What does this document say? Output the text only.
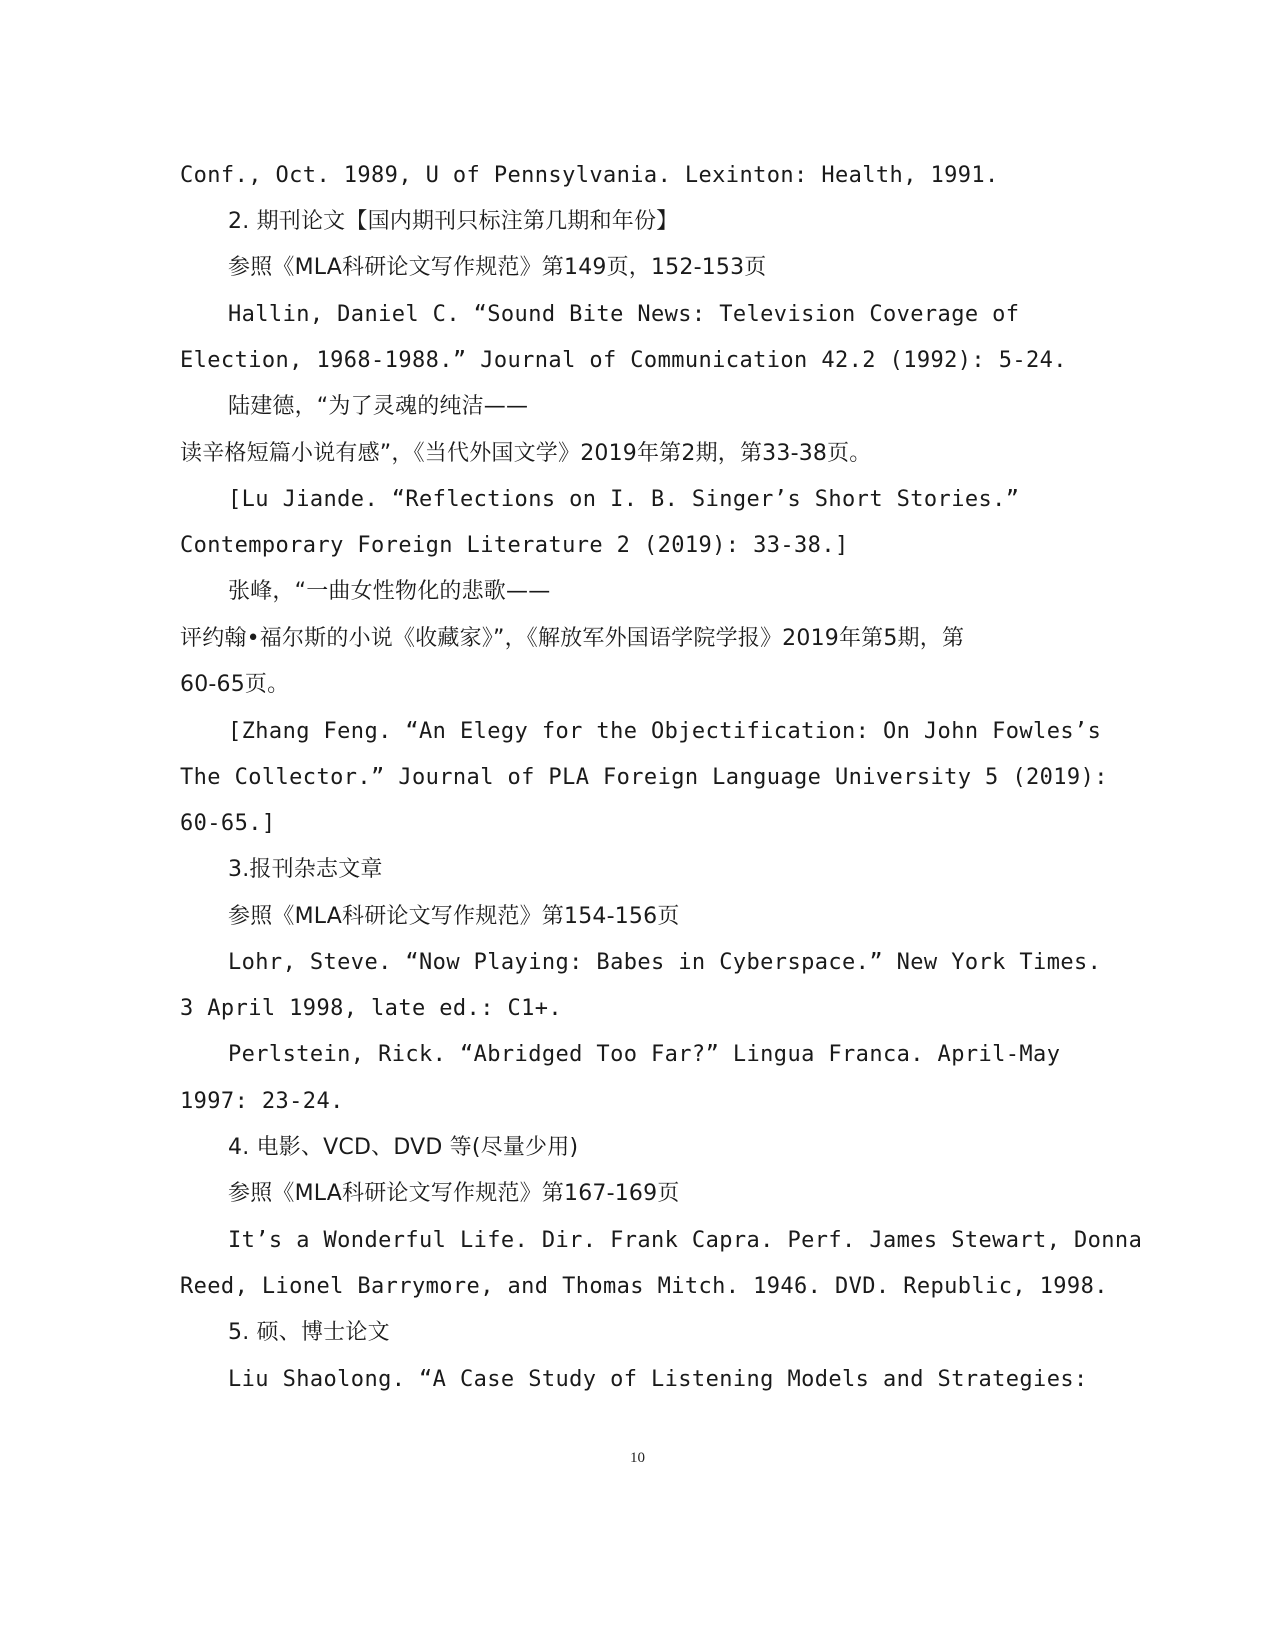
Conf., Oct. 1989, U of Pennsylvania. Lexinton: Health, 1991.
2. 期刊论文【国内期刊只标注第几期和年份】
参照《MLA科研论文写作规范》第149页，152-153页
Hallin, Daniel C. “Sound Bite News: Television Coverage of
Election, 1968-1988.” Journal of Communication 42.2 (1992): 5-24.
陆建德，“为了灵魂的纯洁——
读辛格短篇小说有感”，《当代外国文学》2019年第2期，第33-38页。
[Lu Jiande. “Reflections on I. B. Singer’s Short Stories.”
Contemporary Foreign Literature 2 (2019): 33-38.]
张峰，“一曲女性物化的悲歌——
评约翰•福尔斯的小说《收藏家》”，《解放军外国语学院学报》2019年第5期，第
60-65页。
[Zhang Feng. “An Elegy for the Objectification: On John Fowles’s
The Collector.” Journal of PLA Foreign Language University 5 (2019):
60-65.]
3.报刊杂志文章
参照《MLA科研论文写作规范》第154-156页
Lohr, Steve. “Now Playing: Babes in Cyberspace.” New York Times.
3 April 1998, late ed.: C1+.
Perlstein, Rick. “Abridged Too Far?” Lingua Franca. April-May
1997: 23-24.
4. 电影、VCD、DVD 等(尽量少用)
参照《MLA科研论文写作规范》第167-169页
It’s a Wonderful Life. Dir. Frank Capra. Perf. James Stewart, Donna
Reed, Lionel Barrymore, and Thomas Mitch. 1946. DVD. Republic, 1998.
5. 硕、博士论文
Liu Shaolong. “A Case Study of Listening Models and Strategies:
10
